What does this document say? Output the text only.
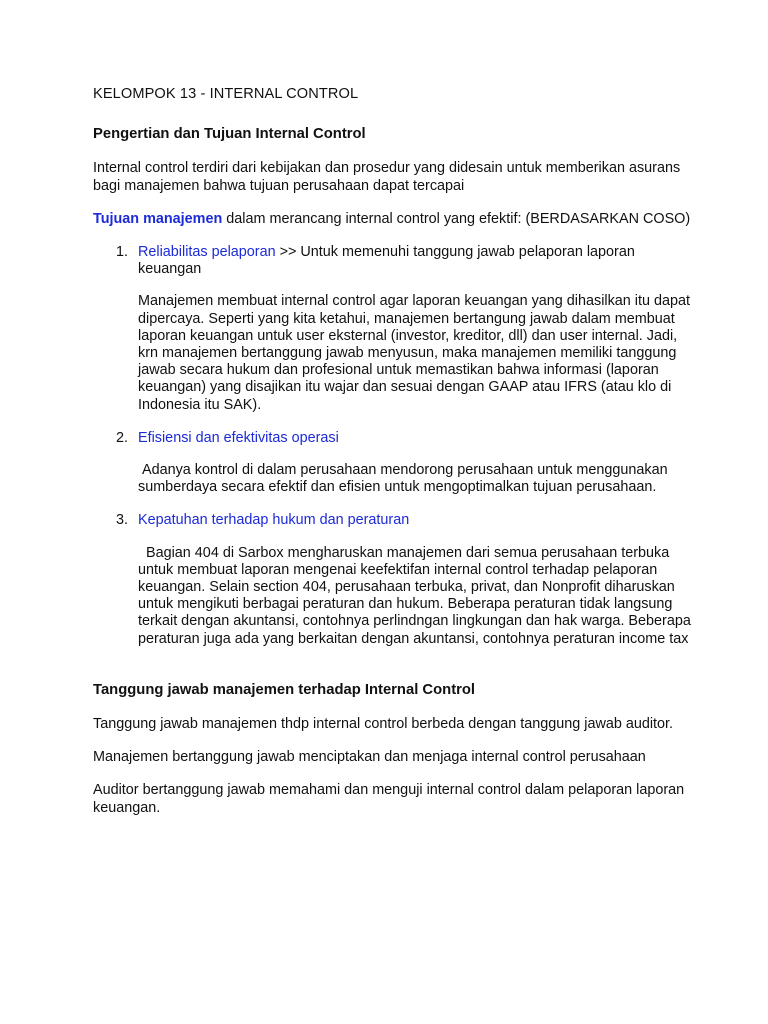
KELOMPOK 13 - INTERNAL CONTROL
Pengertian dan Tujuan Internal Control

Internal control terdiri dari kebijakan dan prosedur yang didesain untuk memberikan asurans bagi manajemen bahwa tujuan perusahaan dapat tercapai

Tujuan manajemen dalam merancang internal control yang efektif: (BERDASARKAN COSO)

1. Reliabilitas pelaporan >> Untuk memenuhi tanggung jawab pelaporan laporan keuangan

Manajemen membuat internal control agar laporan keuangan yang dihasilkan itu dapat dipercaya. Seperti yang kita ketahui, manajemen bertangung jawab dalam membuat laporan keuangan untuk user eksternal (investor, kreditor, dll) dan user internal. Jadi, krn manajemen bertanggung jawab menyusun, maka manajemen memiliki tanggung jawab secara hukum dan profesional untuk memastikan bahwa informasi (laporan keuangan) yang disajikan itu wajar dan sesuai dengan GAAP atau IFRS (atau klo di Indonesia itu SAK).

2. Efisiensi dan efektivitas operasi

Adanya kontrol di dalam perusahaan mendorong perusahaan untuk menggunakan sumberdaya secara efektif dan efisien untuk mengoptimalkan tujuan perusahaan.

3. Kepatuhan terhadap hukum dan peraturan

Bagian 404 di Sarbox mengharuskan manajemen dari semua perusahaan terbuka untuk membuat laporan mengenai keefektifan internal control terhadap pelaporan keuangan. Selain section 404, perusahaan terbuka, privat, dan Nonprofit diharuskan untuk mengikuti berbagai peraturan dan hukum. Beberapa peraturan tidak langsung terkait dengan akuntansi, contohnya perlindngan lingkungan dan hak warga. Beberapa peraturan juga ada yang berkaitan dengan akuntansi, contohnya peraturan income tax

Tanggung jawab manajemen terhadap Internal Control

Tanggung jawab manajemen thdp internal control berbeda dengan tanggung jawab auditor.

Manajemen bertanggung jawab menciptakan dan menjaga internal control perusahaan

Auditor bertanggung jawab memahami dan menguji internal control dalam pelaporan laporan keuangan.
